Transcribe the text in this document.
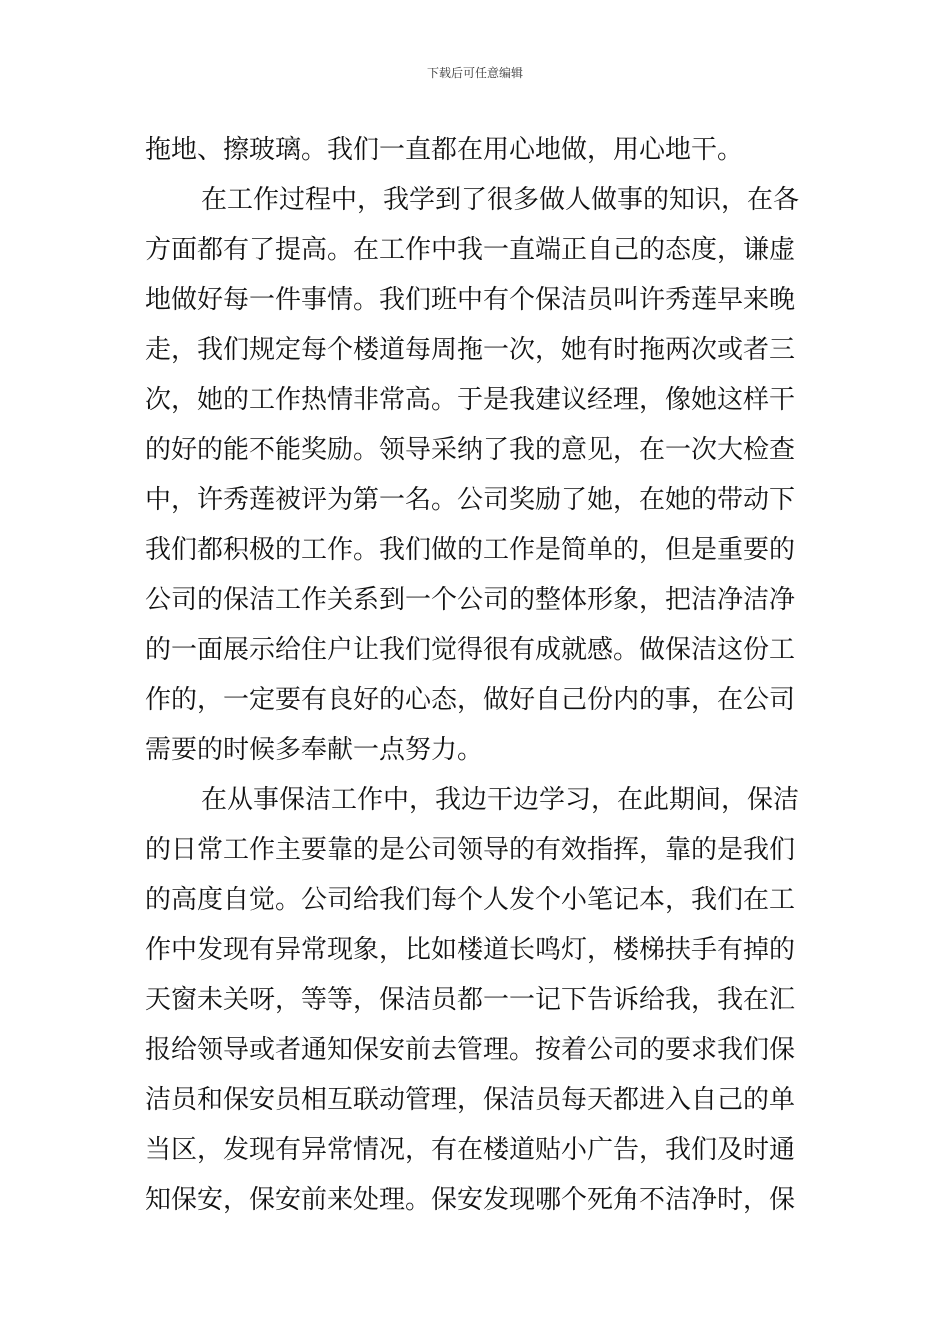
下载后可任意编辑
拖地、擦玻璃。我们一直都在用心地做，用心地干。
在工作过程中，我学到了很多做人做事的知识，在各
方面都有了提高。在工作中我一直端正自己的态度，谦虚
地做好每一件事情。我们班中有个保洁员叫许秀莲早来晚
走，我们规定每个楼道每周拖一次，她有时拖两次或者三
次，她的工作热情非常高。于是我建议经理，像她这样干
的好的能不能奖励。领导采纳了我的意见，在一次大检查
中，许秀莲被评为第一名。公司奖励了她，在她的带动下
我们都积极的工作。我们做的工作是简单的，但是重要的
公司的保洁工作关系到一个公司的整体形象，把洁净洁净
的一面展示给住户让我们觉得很有成就感。做保洁这份工
作的，一定要有良好的心态，做好自己份内的事，在公司
需要的时候多奉献一点努力。
在从事保洁工作中，我边干边学习，在此期间，保洁
的日常工作主要靠的是公司领导的有效指挥，靠的是我们
的高度自觉。公司给我们每个人发个小笔记本，我们在工
作中发现有异常现象，比如楼道长鸣灯，楼梯扶手有掉的
天窗未关呀，等等，保洁员都一一记下告诉给我，我在汇
报给领导或者通知保安前去管理。按着公司的要求我们保
洁员和保安员相互联动管理，保洁员每天都进入自己的单
当区，发现有异常情况，有在楼道贴小广告，我们及时通
知保安，保安前来处理。保安发现哪个死角不洁净时，保
